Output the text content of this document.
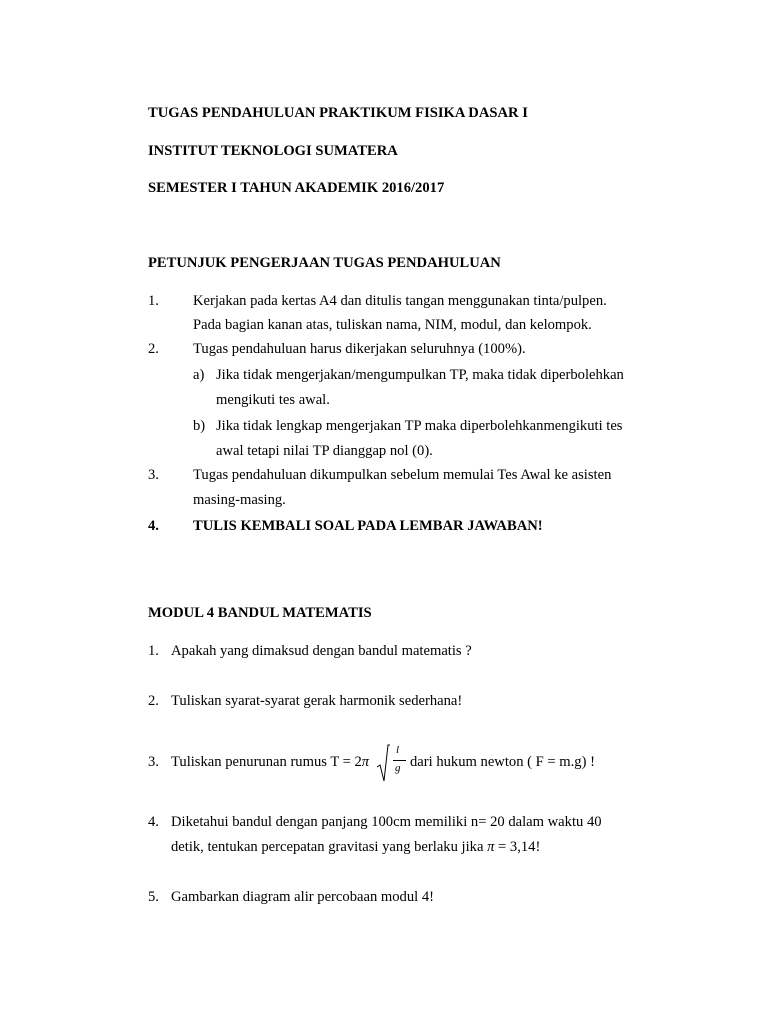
TUGAS PENDAHULUAN PRAKTIKUM FISIKA DASAR I
INSTITUT TEKNOLOGI SUMATERA
SEMESTER I TAHUN AKADEMIK 2016/2017
PETUNJUK PENGERJAAN TUGAS PENDAHULUAN
1. Kerjakan pada kertas A4 dan ditulis tangan menggunakan tinta/pulpen.
Pada bagian kanan atas, tuliskan nama, NIM, modul, dan kelompok.
2. Tugas pendahuluan harus dikerjakan seluruhnya (100%).
a) Jika tidak mengerjakan/mengumpulkan TP, maka tidak diperbolehkan
mengikuti tes awal.
b) Jika tidak lengkap mengerjakan TP maka diperbolehkanmengikuti tes
awal tetapi nilai TP dianggap nol (0).
3. Tugas pendahuluan dikumpulkan sebelum memulai Tes Awal ke asisten
masing-masing.
4. TULIS KEMBALI SOAL PADA LEMBAR JAWABAN!
MODUL 4 BANDUL MATEMATIS
1. Apakah yang dimaksud dengan bandul matematis ?
2. Tuliskan syarat-syarat gerak harmonik sederhana!
3. Tuliskan penurunan rumus T = 2π
l
g dari hukum newton ( F = m.g) !
4. Diketahui bandul dengan panjang 100cm memiliki n= 20 dalam waktu 40
detik, tentukan percepatan gravitasi yang berlaku jika π = 3,14!
5. Gambarkan diagram alir percobaan modul 4!
